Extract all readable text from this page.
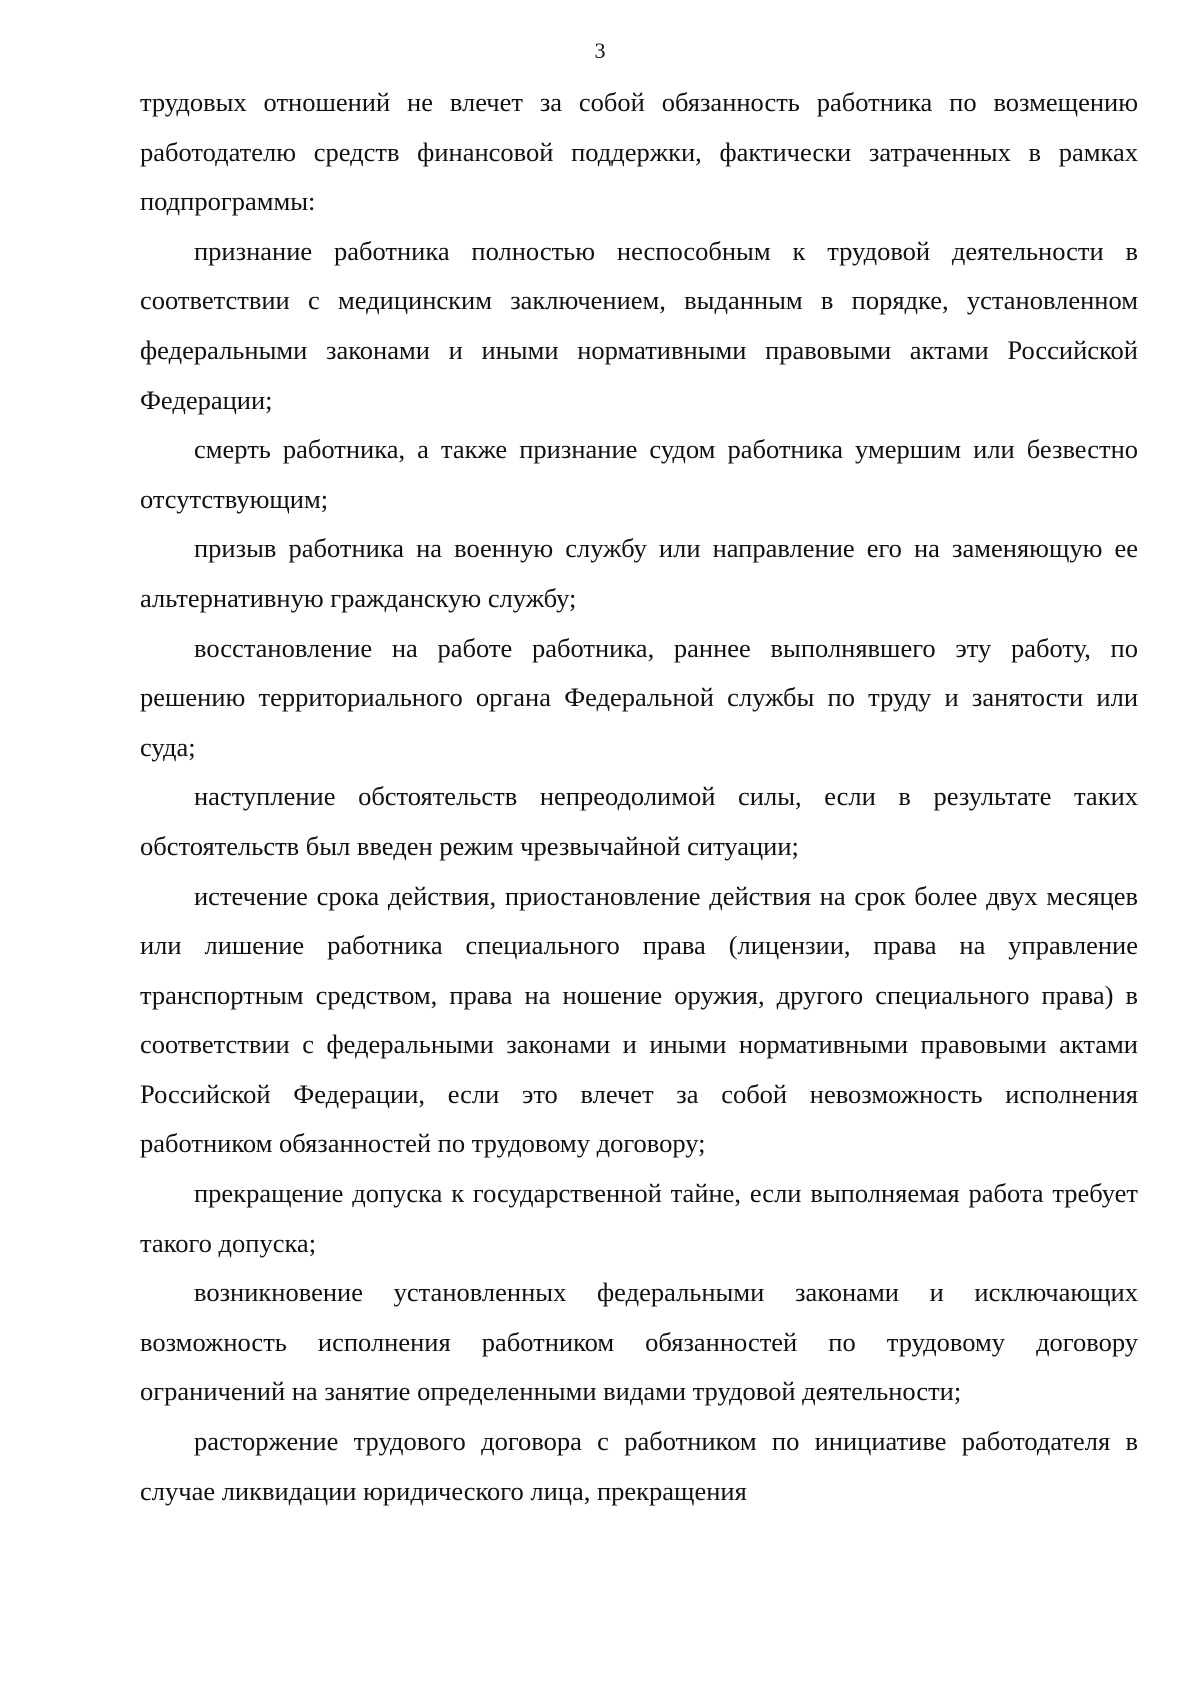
3

трудовых отношений не влечет за собой обязанность работника по возмещению работодателю средств финансовой поддержки, фактически затраченных в рамках подпрограммы:

признание работника полностью неспособным к трудовой деятельности в соответствии с медицинским заключением, выданным в порядке, установленном федеральными законами и иными нормативными правовыми актами Российской Федерации;

смерть работника, а также признание судом работника умершим или безвестно отсутствующим;

призыв работника на военную службу или направление его на заменяющую ее альтернативную гражданскую службу;

восстановление на работе работника, раннее выполнявшего эту работу, по решению территориального органа Федеральной службы по труду и занятости или суда;

наступление обстоятельств непреодолимой силы, если в результате таких обстоятельств был введен режим чрезвычайной ситуации;

истечение срока действия, приостановление действия на срок более двух месяцев или лишение работника специального права (лицензии, права на управление транспортным средством, права на ношение оружия, другого специального права) в соответствии с федеральными законами и иными нормативными правовыми актами Российской Федерации, если это влечет за собой невозможность исполнения работником обязанностей по трудовому договору;

прекращение допуска к государственной тайне, если выполняемая работа требует такого допуска;

возникновение установленных федеральными законами и исключающих возможность исполнения работником обязанностей по трудовому договору ограничений на занятие определенными видами трудовой деятельности;

расторжение трудового договора с работником по инициативе работодателя в случае ликвидации юридического лица, прекращения
